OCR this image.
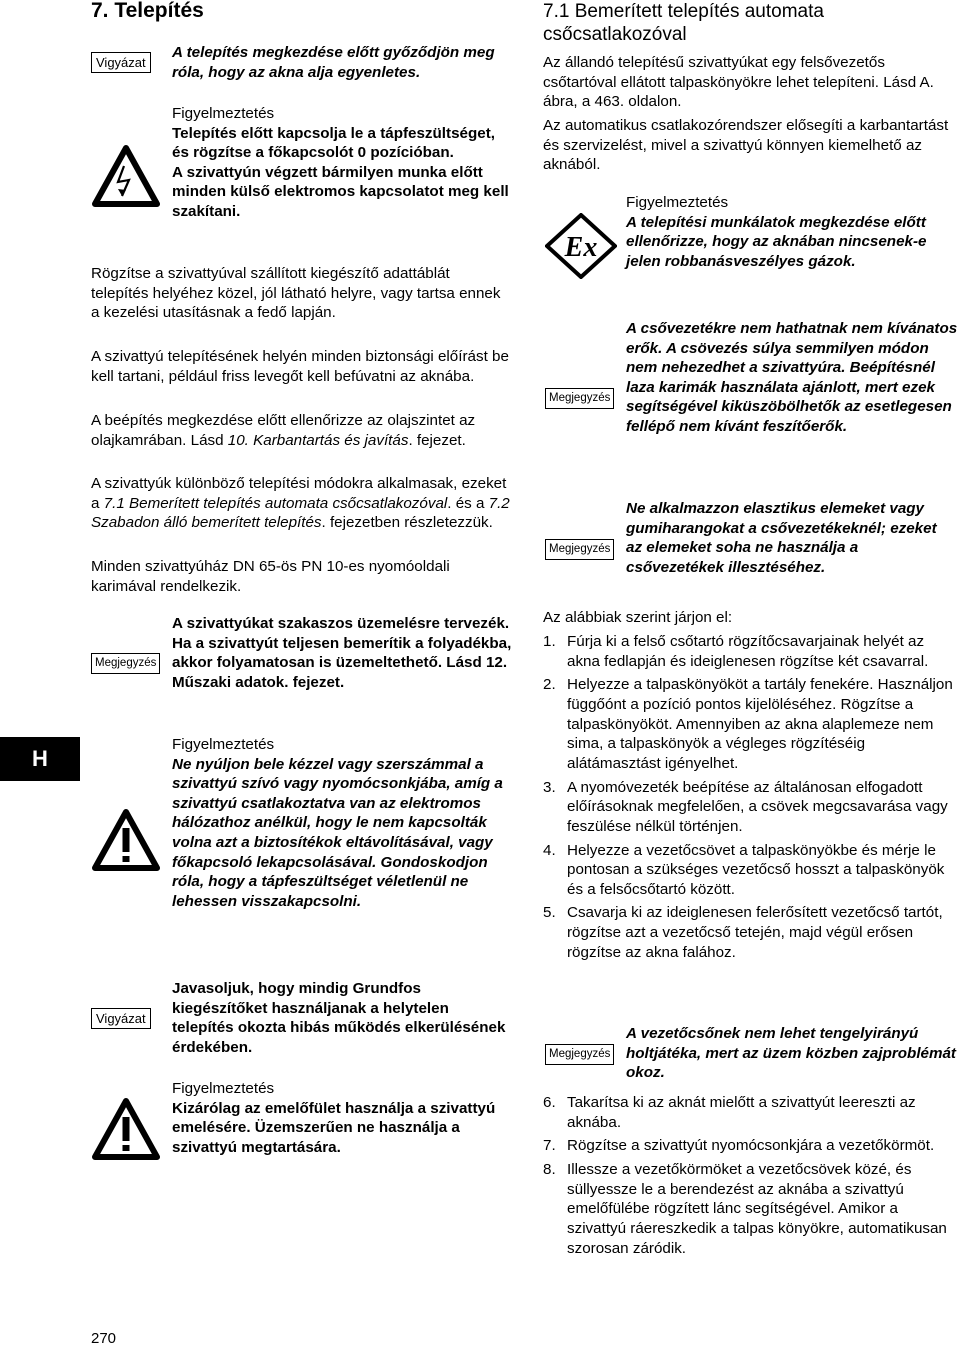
7. Telepítés
H
Vigyázat

A telepítés megkezdése előtt győződjön meg róla, hogy az akna alja egyenletes.

Figyelmeztetés

Telepítés előtt kapcsolja le a tápfeszültséget, és rögzítse a főkapcsolót 0 pozícióban.

A szivattyún végzett bármilyen munka előtt minden külső elektromos kapcsolatot meg kell szakítani.

Rögzítse a szivattyúval szállított kiegészítő adattáblát telepítés helyéhez közel, jól látható helyre, vagy tartsa ennek a kezelési utasításnak a fedő lapján.

A szivattyú telepítésének helyén minden biztonsági előírást be kell tartani, például friss levegőt kell befúvatni az aknába.

A beépítés megkezdése előtt ellenőrizze az olajszintet az olajkamrában. Lásd 10. Karbantartás és javítás. fejezet.

A szivattyúk különböző telepítési módokra alkalmasak, ezeket a 7.1 Bemerített telepítés automata csőcsatlakozóval. és a 7.2 Szabadon álló bemerített telepítés. fejezetben részletezzük.

Minden szivattyúház DN 65-ös PN 10-es nyomóoldali karimával rendelkezik.

Megjegyzés

A szivattyúkat szakaszos üzemelésre tervezék. Ha a szivattyút teljesen bemerítik a folyadékba, akkor folyamatosan is üzemeltethető. Lásd 12. Műszaki adatok. fejezet.

Figyelmeztetés

Ne nyúljon bele kézzel vagy szerszámmal a szivattyú szívó vagy nyomócsonkjába, amíg a szivattyú csatlakoztatva van az elektromos hálózathoz anélkül, hogy le nem kapcsolták volna azt a biztosítékok eltávolításával, vagy főkapcsoló lekapcsolásával. Gondoskodjon róla, hogy a tápfeszültséget véletlenül ne lehessen visszakapcsolni.

Vigyázat

Javasoljuk, hogy mindig Grundfos kiegészítőket használjanak a helytelen telepítés okozta hibás működés elkerülésének érdekében.

Figyelmeztetés

Kizárólag az emelőfület használja a szivattyú emelésére. Üzemszerűen ne használja a szivattyú megtartására.

270
7.1 Bemerített telepítés automata csőcsatlakozóval

Az állandó telepítésű szivattyúkat egy felsővezetős csőtartóval ellátott talpaskönyökre lehet telepíteni. Lásd A. ábra, a 463. oldalon.

Az automatikus csatlakozórendszer elősegíti a karbantartást és szervizelést, mivel a szivattyú könnyen kiemelhető az aknából.

Ex

Figyelmeztetés

A telepítési munkálatok megkezdése előtt ellenőrizze, hogy az aknában nincsenek-e jelen robbanásveszélyes gázok.

Megjegyzés

A csővezetékre nem hathatnak nem kívánatos erők. A csövezés súlya semmilyen módon nem nehezedhet a szivattyúra. Beépítésnél laza karimák használata ajánlott, mert ezek segítségével kiküszöbölhetők az esetlegesen fellépő nem kívánt feszítőerők.

Megjegyzés

Ne alkalmazzon elasztikus elemeket vagy gumiharangokat a csővezetékeknél; ezeket az elemeket soha ne használja a csővezetékek illesztéséhez.

Az alábbiak szerint járjon el:

1. Fúrja ki a felső csőtartó rögzítőcsavarjainak helyét az akna fedlapján és ideiglenesen rögzítse két csavarral.
2. Helyezze a talpaskönyököt a tartály fenekére. Használjon függőónt a pozíció pontos kijelöléséhez. Rögzítse a talpaskönyököt. Amennyiben az akna alaplemeze nem sima, a talpaskönyök a végleges rögzítéséig alátámasztást igényelhet.
3. A nyomóvezeték beépítése az általánosan elfogadott előírásoknak megfelelően, a csövek megcsavarása vagy feszülése nélkül történjen.
4. Helyezze a vezetőcsövet a talpaskönyökbe és mérje le pontosan a szükséges vezetőcső hosszt a talpaskönyök és a felsőcsőtartó között.
5. Csavarja ki az ideiglenesen felerősített vezetőcső tartót, rögzítse azt a vezetőcső tetején, majd végül erősen rögzítse az akna falához.
Megjegyzés

A vezetőcsőnek nem lehet tengelyirányú holtjátéka, mert az üzem közben zajproblémát okoz.

6. Takarítsa ki az aknát mielőtt a szivattyút leereszti az aknába.
7. Rögzítse a szivattyút nyomócsonkjára a vezetőkörmöt.
8. Illessze a vezetőkörmöket a vezetőcsövek közé, és süllyessze le a berendezést az aknába a szivattyú emelőfülébe rögzített lánc segítségével. Amikor a szivattyú ráereszkedik a talpas könyökre, automatikusan szorosan záródik.
